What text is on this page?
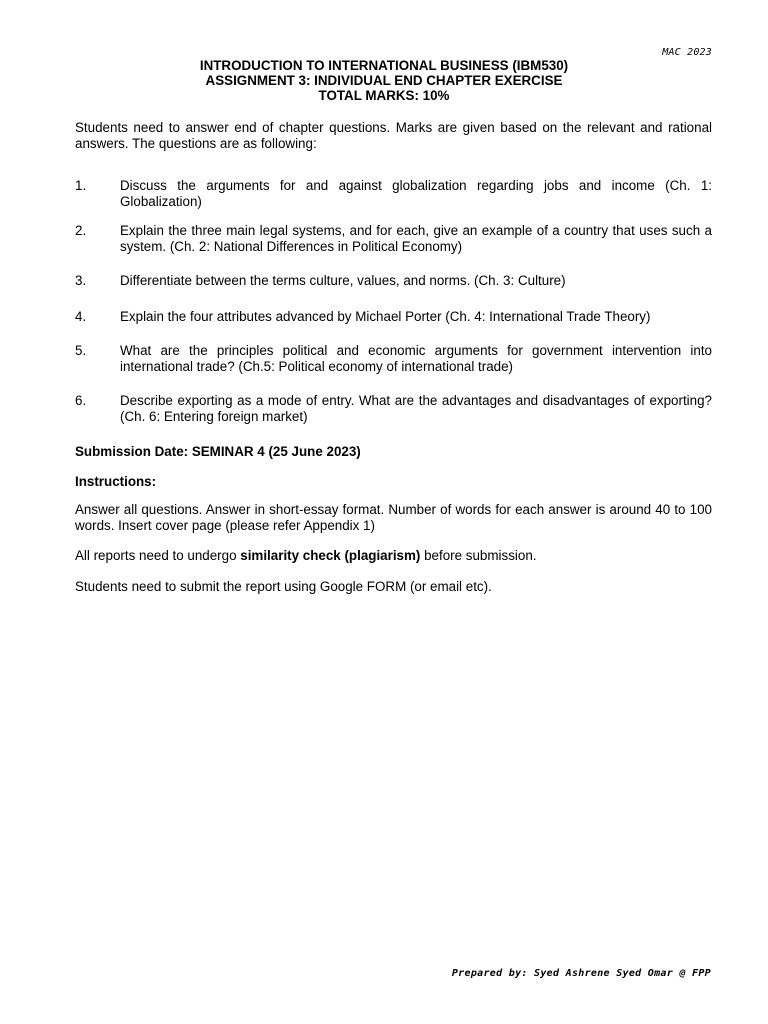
MAC 2023
INTRODUCTION TO INTERNATIONAL BUSINESS (IBM530)
ASSIGNMENT 3: INDIVIDUAL END CHAPTER EXERCISE
TOTAL MARKS: 10%
Students need to answer end of chapter questions. Marks are given based on the relevant and rational answers. The questions are as following:
1.	Discuss the arguments for and against globalization regarding jobs and income (Ch. 1: Globalization)
2.	Explain the three main legal systems, and for each, give an example of a country that uses such a system. (Ch. 2: National Differences in Political Economy)
3.	Differentiate between the terms culture, values, and norms. (Ch. 3: Culture)
4.	Explain the four attributes advanced by Michael Porter (Ch. 4: International Trade Theory)
5.	What are the principles political and economic arguments for government intervention into international trade? (Ch.5: Political economy of international trade)
6.	Describe exporting as a mode of entry. What are the advantages and disadvantages of exporting? (Ch. 6: Entering foreign market)
Submission Date: SEMINAR 4 (25 June 2023)
Instructions:
Answer all questions. Answer in short-essay format. Number of words for each answer is around 40 to 100 words. Insert cover page (please refer Appendix 1)
All reports need to undergo similarity check (plagiarism) before submission.
Students need to submit the report using Google FORM (or email etc).
Prepared by: Syed Ashrene Syed Omar @ FPP
